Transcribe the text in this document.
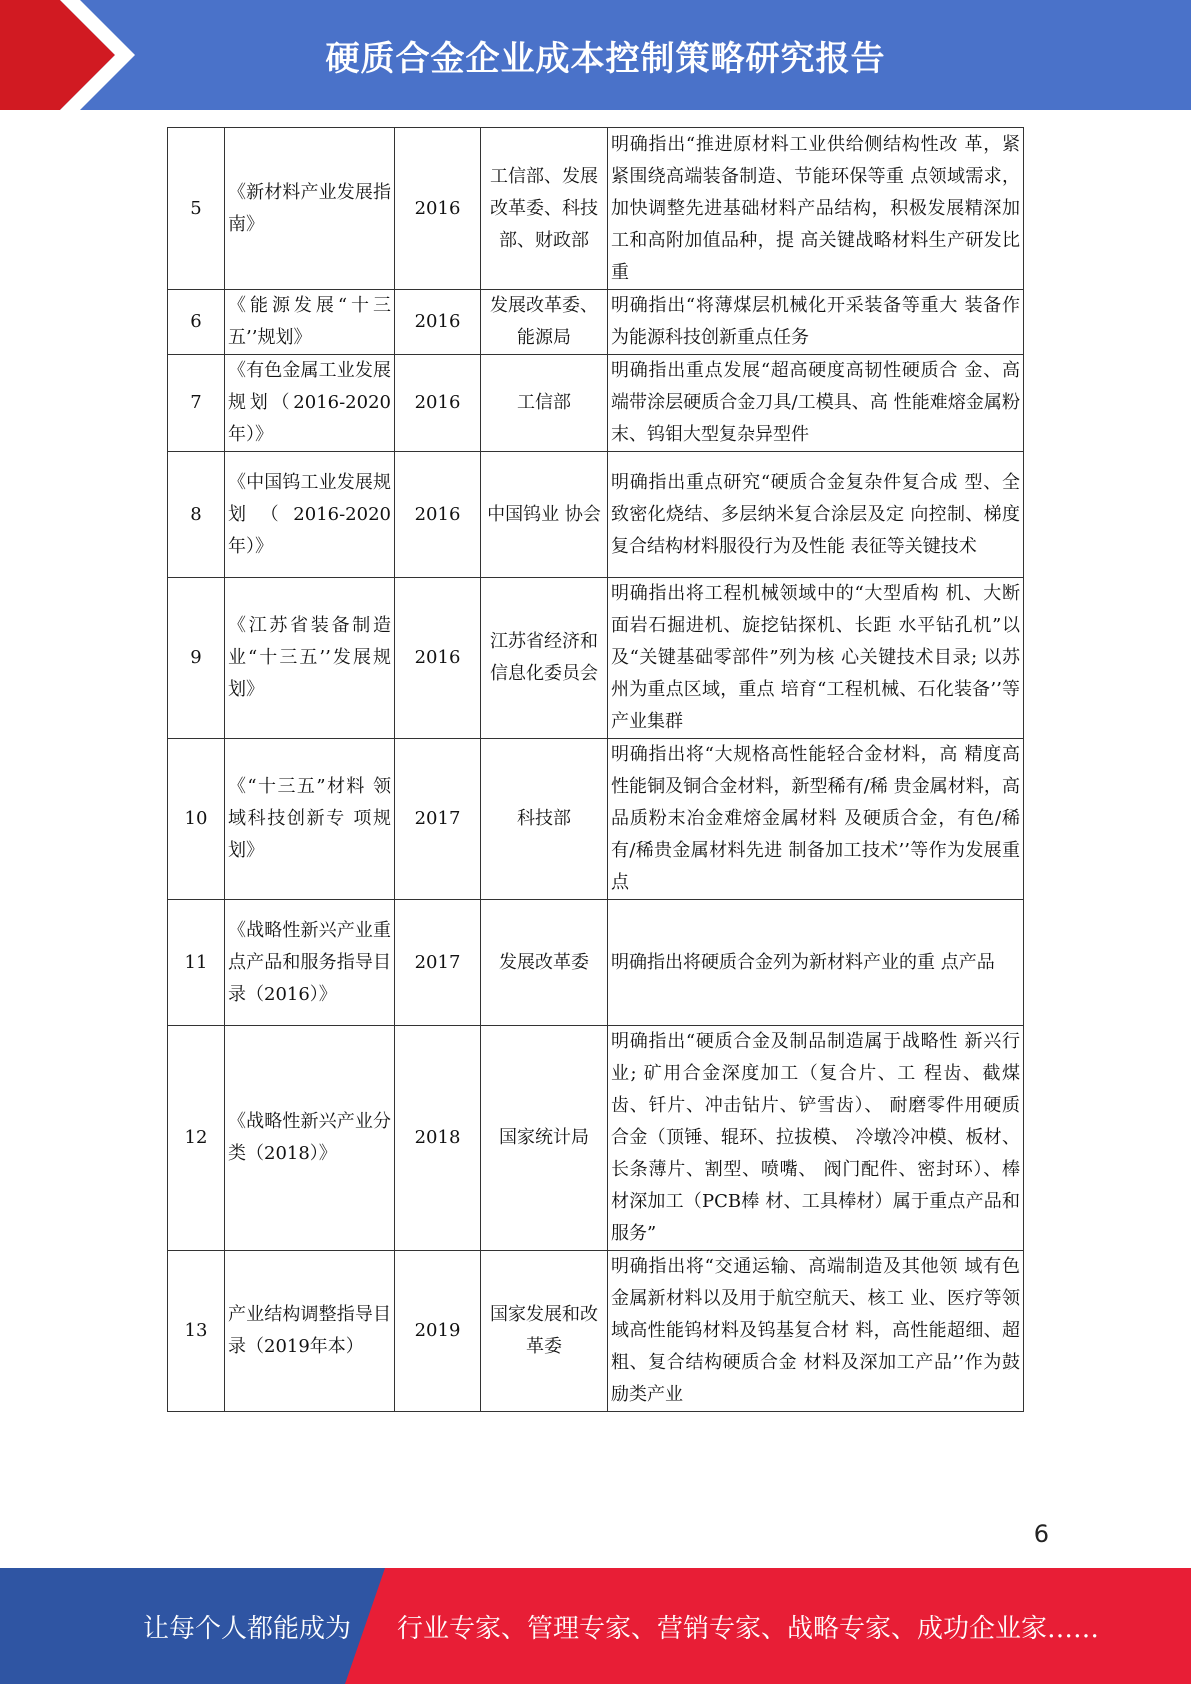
硬质合金企业成本控制策略研究报告
5	《新材料产业发展指南》	2016	工信部、发展改革委、科技部、财政部	明确指出“推进原材料工业供给侧结构性改 革，紧紧围绕高端装备制造、节能环保等重 点领域需求，加快调整先进基础材料产品结构，积极发展精深加工和高附加值品种，提 高关键战略材料生产研发比重
6	《能源发展“十三五’’规划》	2016	发展改革委、能源局	明确指出“将薄煤层机械化开采装备等重大 装备作为能源科技创新重点任务
7	《有色金属工业发展规划（2016-2020年）》	2016	工信部	明确指出重点发展“超高硬度高韧性硬质合 金、高端带涂层硬质合金刀具/工模具、高 性能难熔金属粉末、钨钼大型复杂异型件
8	《中国钨工业发展规划（2016-2020年）》	2016	中国钨业 协会	明确指出重点研究“硬质合金复杂件复合成 型、全致密化烧结、多层纳米复合涂层及定 向控制、梯度复合结构材料服役行为及性能 表征等关键技术
9	《江苏省装备制造业“十三五’’发展规划》	2016	江苏省经济和信息化委员会	明确指出将工程机械领域中的“大型盾构 机、大断面岩石掘进机、旋挖钻探机、长距 水平钻孔机”以及“关键基础零部件”列为核 心关键技术目录; 以苏州为重点区域，重点 培育“工程机械、石化装备’’等产业集群
10	《“十三五”材料 领域科技创新专 项规划》	2017	科技部	明确指出将“大规格高性能轻合金材料，高 精度高性能铜及铜合金材料，新型稀有/稀 贵金属材料，高品质粉末冶金难熔金属材料 及硬质合金，有色/稀有/稀贵金属材料先进 制备加工技术’’等作为发展重点
11	《战略性新兴产业重点产品和服务指导目录（2016）》	2017	发展改革委	明确指出将硬质合金列为新材料产业的重 点产品
12	《战略性新兴产业分类（2018）》	2018	国家统计局	明确指出“硬质合金及制品制造属于战略性 新兴行业; 矿用合金深度加工（复合片、工 程齿、截煤齿、钎片、冲击钻片、铲雪齿）、 耐磨零件用硬质合金（顶锤、辊环、拉拔模、 冷墩冷冲模、板材、长条薄片、割型、喷嘴、 阀门配件、密封环）、棒材深加工（PCB棒 材、工具棒材）属于重点产品和服务”
13	产业结构调整指导目录（2019年本）	2019	国家发展和改革委	明确指出将“交通运输、高端制造及其他领 域有色金属新材料以及用于航空航天、核工 业、医疗等领域高性能钨材料及钨基复合材 料，高性能超细、超粗、复合结构硬质合金 材料及深加工产品’’作为鼓励类产业
6
让每个人都能成为 行业专家、管理专家、营销专家、战略专家、成功企业家……
